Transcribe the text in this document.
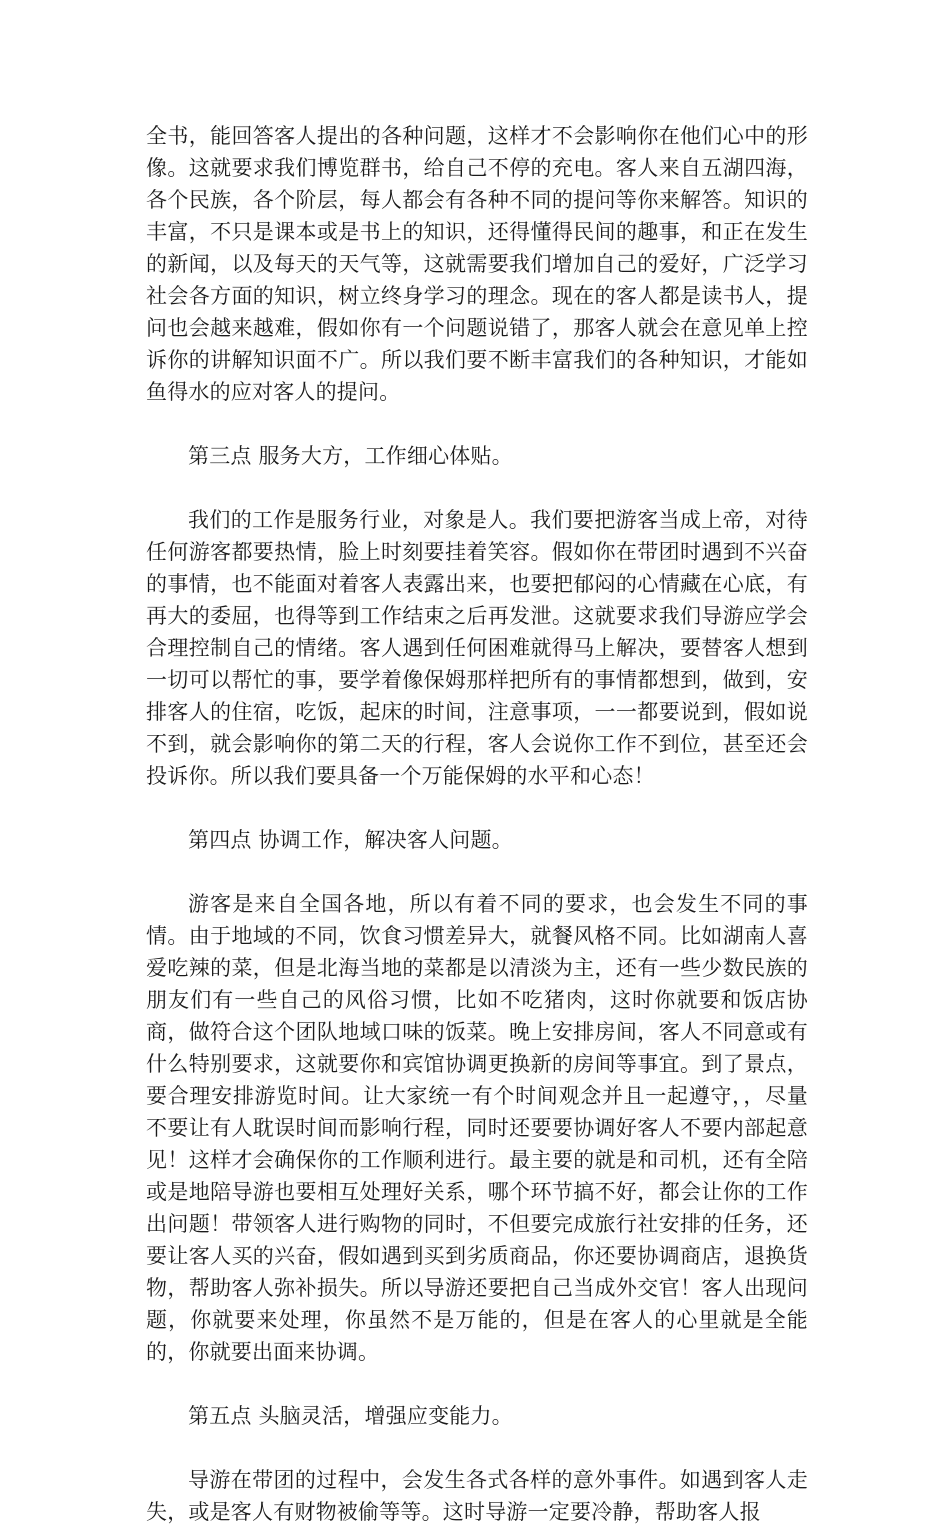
全书，能回答客人提出的各种问题，这样才不会影响你在他们心中的形像。这就要求我们博览群书，给自己不停的充电。客人来自五湖四海，各个民族，各个阶层，每人都会有各种不同的提问等你来解答。知识的丰富，不只是课本或是书上的知识，还得懂得民间的趣事，和正在发生的新闻，以及每天的天气等，这就需要我们增加自己的爱好，广泛学习社会各方面的知识，树立终身学习的理念。现在的客人都是读书人，提问也会越来越难，假如你有一个问题说错了，那客人就会在意见单上控诉你的讲解知识面不广。所以我们要不断丰富我们的各种知识，才能如鱼得水的应对客人的提问。

第三点 服务大方，工作细心体贴。

我们的工作是服务行业，对象是人。我们要把游客当成上帝，对待任何游客都要热情，脸上时刻要挂着笑容。假如你在带团时遇到不兴奋的事情，也不能面对着客人表露出来，也要把郁闷的心情藏在心底，有再大的委屈，也得等到工作结束之后再发泄。这就要求我们导游应学会合理控制自己的情绪。客人遇到任何困难就得马上解决，要替客人想到一切可以帮忙的事，要学着像保姆那样把所有的事情都想到，做到，安排客人的住宿，吃饭，起床的时间，注意事项，一一都要说到，假如说不到，就会影响你的第二天的行程，客人会说你工作不到位，甚至还会投诉你。所以我们要具备一个万能保姆的水平和心态！

第四点 协调工作，解决客人问题。

游客是来自全国各地，所以有着不同的要求，也会发生不同的事情。由于地域的不同，饮食习惯差异大，就餐风格不同。比如湖南人喜爱吃辣的菜，但是北海当地的菜都是以清淡为主，还有一些少数民族的朋友们有一些自己的风俗习惯，比如不吃猪肉，这时你就要和饭店协商，做符合这个团队地域口味的饭菜。晚上安排房间，客人不同意或有什么特别要求，这就要你和宾馆协调更换新的房间等事宜。到了景点，要合理安排游览时间。让大家统一有个时间观念并且一起遵守，，尽量不要让有人耽误时间而影响行程，同时还要要协调好客人不要内部起意见！这样才会确保你的工作顺利进行。最主要的就是和司机，还有全陪或是地陪导游也要相互处理好关系，哪个环节搞不好，都会让你的工作出问题！带领客人进行购物的同时，不但要完成旅行社安排的任务，还要让客人买的兴奋，假如遇到买到劣质商品，你还要协调商店，退换货物，帮助客人弥补损失。所以导游还要把自己当成外交官！客人出现问题，你就要来处理，你虽然不是万能的，但是在客人的心里就是全能的，你就要出面来协调。

第五点 头脑灵活，增强应变能力。

导游在带团的过程中，会发生各式各样的意外事件。如遇到客人走失，或是客人有财物被偷等等。这时导游一定要冷静，帮助客人报
